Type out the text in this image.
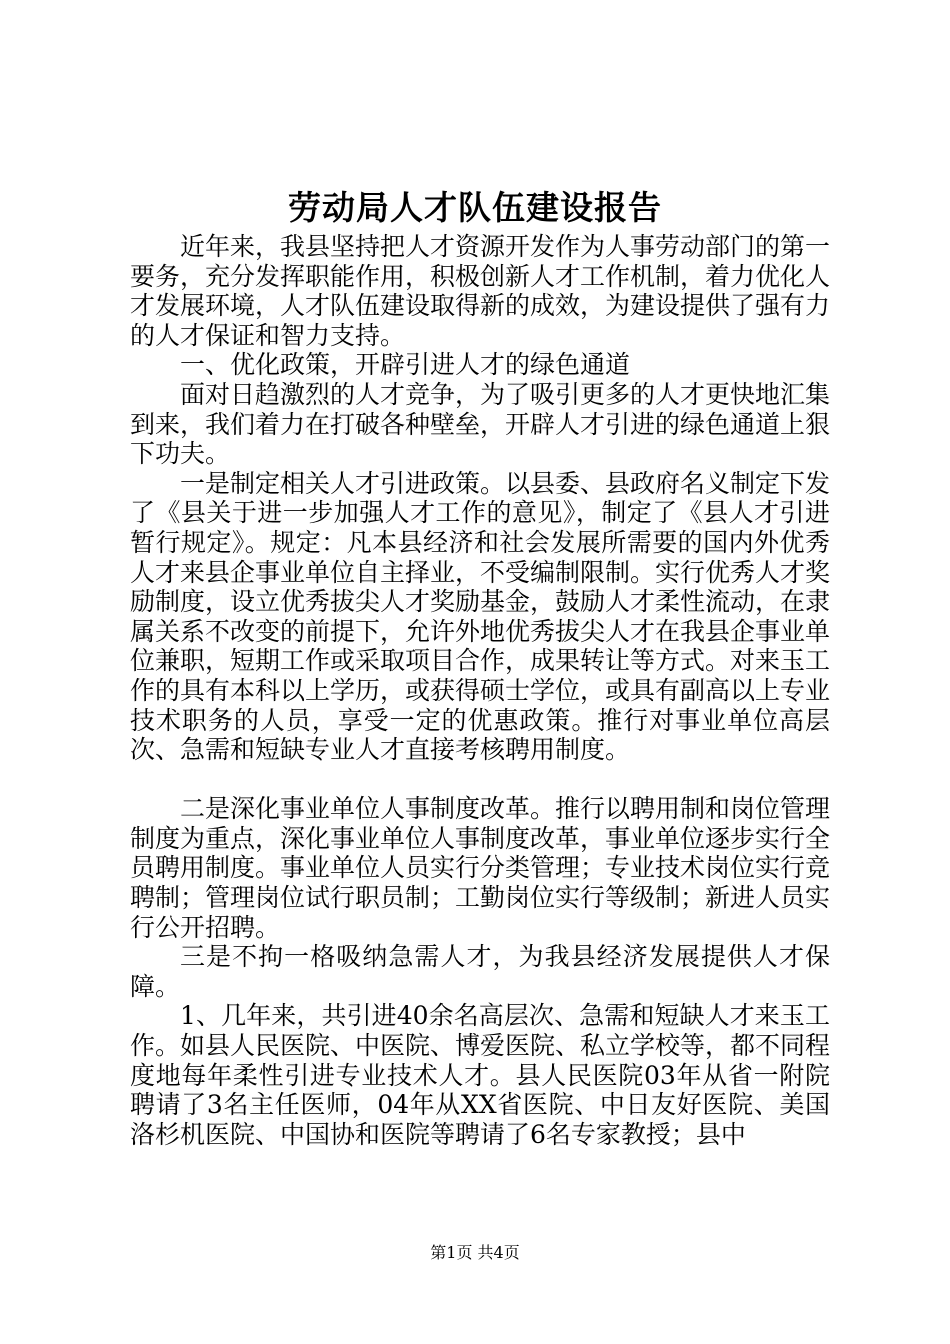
劳动局人才队伍建设报告

近年来，我县坚持把人才资源开发作为人事劳动部门的第一要务，充分发挥职能作用，积极创新人才工作机制，着力优化人才发展环境，人才队伍建设取得新的成效，为建设提供了强有力的人才保证和智力支持。

一、优化政策，开辟引进人才的绿色通道

面对日趋激烈的人才竞争，为了吸引更多的人才更快地汇集到来，我们着力在打破各种壁垒，开辟人才引进的绿色通道上狠下功夫。

一是制定相关人才引进政策。以县委、县政府名义制定下发了《县关于进一步加强人才工作的意见》，制定了《县人才引进暂行规定》。规定：凡本县经济和社会发展所需要的国内外优秀人才来县企事业单位自主择业，不受编制限制。实行优秀人才奖励制度，设立优秀拔尖人才奖励基金，鼓励人才柔性流动，在隶属关系不改变的前提下，允许外地优秀拔尖人才在我县企事业单位兼职，短期工作或采取项目合作，成果转让等方式。对来玉工作的具有本科以上学历，或获得硕士学位，或具有副高以上专业技术职务的人员，享受一定的优惠政策。推行对事业单位高层次、急需和短缺专业人才直接考核聘用制度。

二是深化事业单位人事制度改革。推行以聘用制和岗位管理制度为重点，深化事业单位人事制度改革，事业单位逐步实行全员聘用制度。事业单位人员实行分类管理；专业技术岗位实行竞聘制；管理岗位试行职员制；工勤岗位实行等级制；新进人员实行公开招聘。

三是不拘一格吸纳急需人才，为我县经济发展提供人才保障。

1、几年来，共引进40余名高层次、急需和短缺人才来玉工作。如县人民医院、中医院、博爱医院、私立学校等，都不同程度地每年柔性引进专业技术人才。县人民医院03年从省一附院聘请了3名主任医师，04年从XX省医院、中日友好医院、美国洛杉机医院、中国协和医院等聘请了6名专家教授；县中

第1页 共4页
